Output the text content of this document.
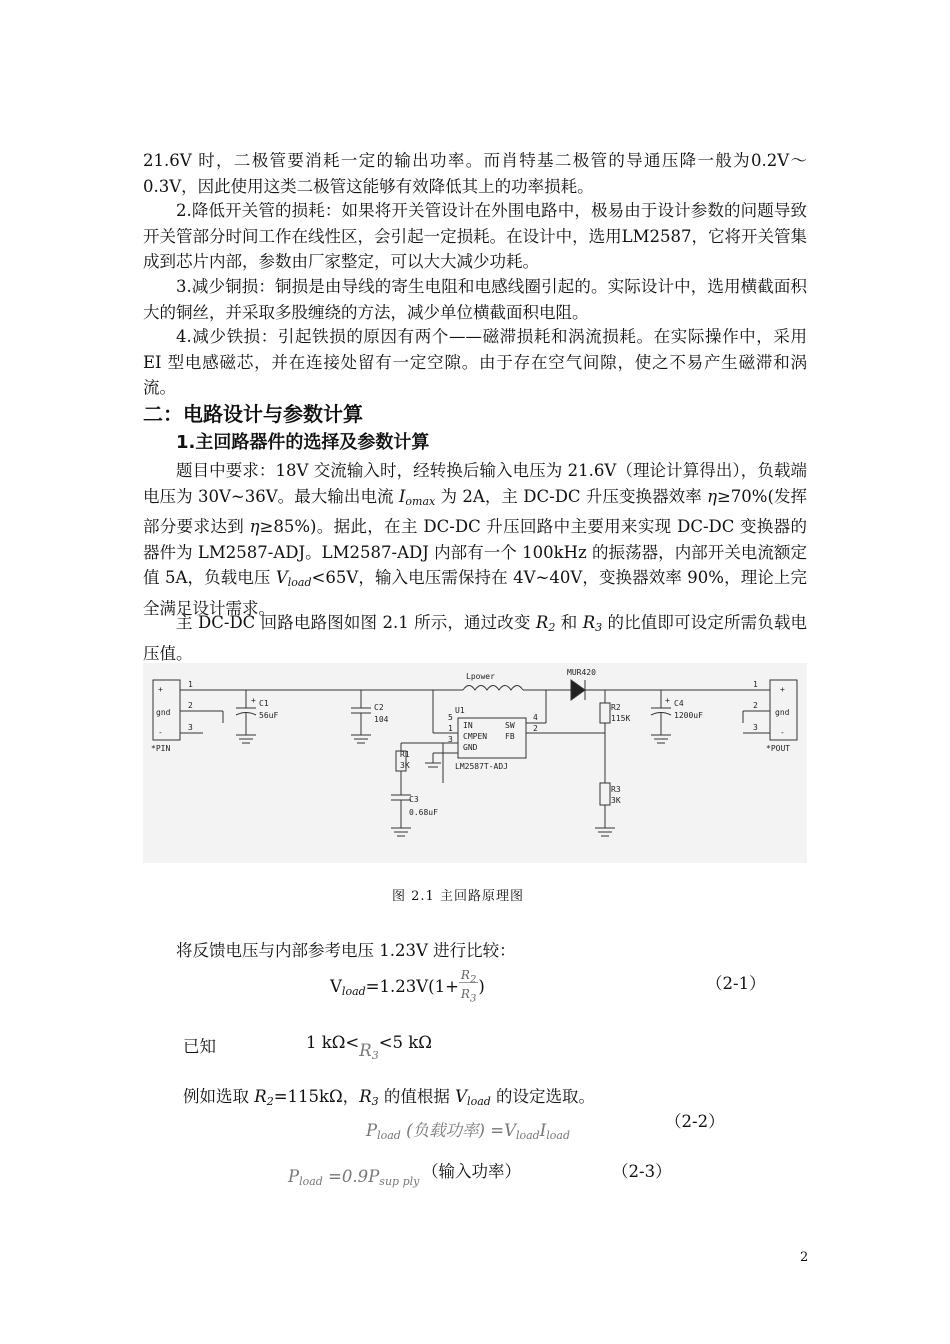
21.6V 时，二极管要消耗一定的输出功率。而肖特基二极管的导通压降一般为0.2V～0.3V，因此使用这类二极管这能够有效降低其上的功率损耗。
2.降低开关管的损耗：如果将开关管设计在外围电路中，极易由于设计参数的问题导致开关管部分时间工作在线性区，会引起一定损耗。在设计中，选用LM2587，它将开关管集成到芯片内部，参数由厂家整定，可以大大减少功耗。
3.减少铜损：铜损是由导线的寄生电阻和电感线圈引起的。实际设计中，选用横截面积大的铜丝，并采取多股缠绕的方法，减少单位横截面积电阻。
4.减少铁损：引起铁损的原因有两个——磁滞损耗和涡流损耗。在实际操作中，采用 EI 型电感磁芯，并在连接处留有一定空隙。由于存在空气间隙，使之不易产生磁滞和涡流。
二：电路设计与参数计算
1.主回路器件的选择及参数计算
题目中要求：18V 交流输入时，经转换后输入电压为 21.6V（理论计算得出），负载端电压为 30V~36V。最大输出电流 $I_{omax}$ 为 2A，主 DC-DC 升压变换器效率 η≥70%(发挥部分要求达到 η≥85%)。据此，在主 DC-DC 升压回路中主要用来实现 DC-DC 变换器的器件为 LM2587-ADJ。LM2587-ADJ 内部有一个 100kHz 的振荡器，内部开关电流额定值 5A，负载电压 $V_{load}<65V$，输入电压需保持在 4V~40V，变换器效率 90%，理论上完全满足设计需求。
主 DC-DC 回路电路图如图 2.1 所示，通过改变 $R_2$ 和 $R_3$ 的比值即可设定所需负载电压值。
+
gnd
-
*PIN
1
2
3
+ C1
56uF
C2
104
Lpower	MUR420
U1
IN	SW
CMPEN FB
GND
LM2587T-ADJ
5
1
3
4
2
R1
3K
C3
0.68uF
R2
115K
R3
3K
+ C4
1200uF
1
2
3
+
gnd
-
*POUT
图 2.1 主回路原理图
将反馈电压与内部参考电压 1.23V 进行比较：
$V_{load}=1.23V(1+\frac{R_2}{R_3})$	（2-1）
已知	1 $k\Omega<R_3<5$ kΩ
例如选取 $R_2=115k\Omega$，$R_3$ 的值根据 $V_{load}$ 的设定选取。
$P_{load}$ (负载功率) $=V_{load}I_{load}$
（2-2）
$P_{load} =0.9P_{sup ply}$
（输入功率）	（2-3）
2
